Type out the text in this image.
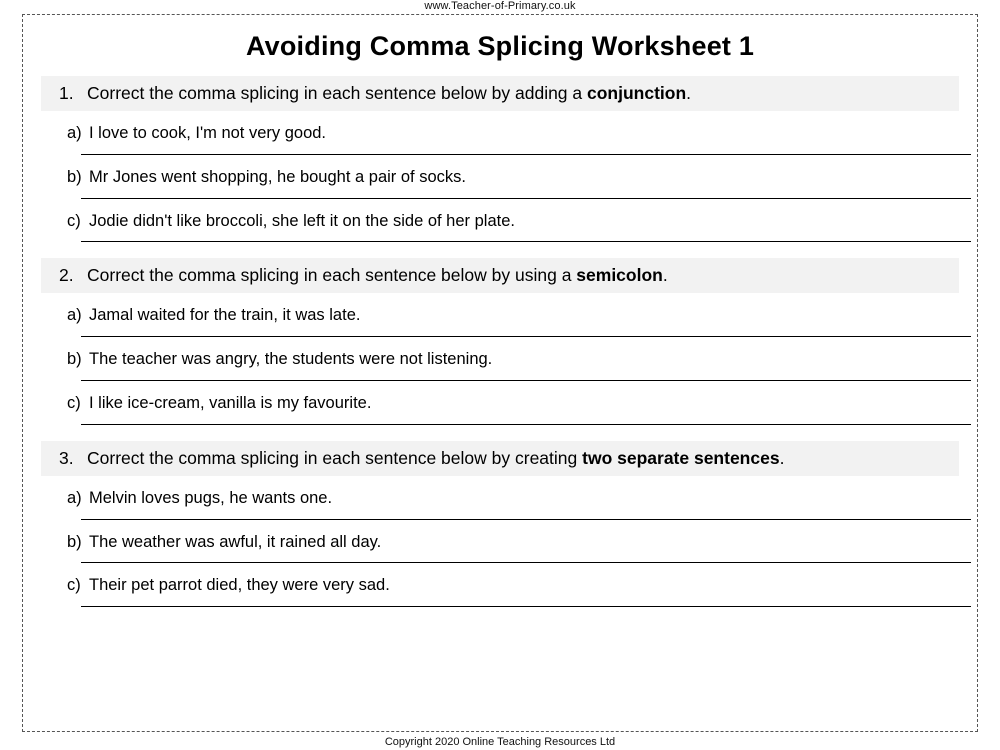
www.Teacher-of-Primary.co.uk
Avoiding Comma Splicing Worksheet 1
1. Correct the comma splicing in each sentence below by adding a conjunction.
a) I love to cook, I'm not very good.
b) Mr Jones went shopping, he bought a pair of socks.
c) Jodie didn't like broccoli, she left it on the side of her plate.
2. Correct the comma splicing in each sentence below by using a semicolon.
a) Jamal waited for the train, it was late.
b) The teacher was angry, the students were not listening.
c) I like ice-cream, vanilla is my favourite.
3. Correct the comma splicing in each sentence below by creating two separate sentences.
a) Melvin loves pugs, he wants one.
b) The weather was awful, it rained all day.
c) Their pet parrot died, they were very sad.
Copyright 2020 Online Teaching Resources Ltd
